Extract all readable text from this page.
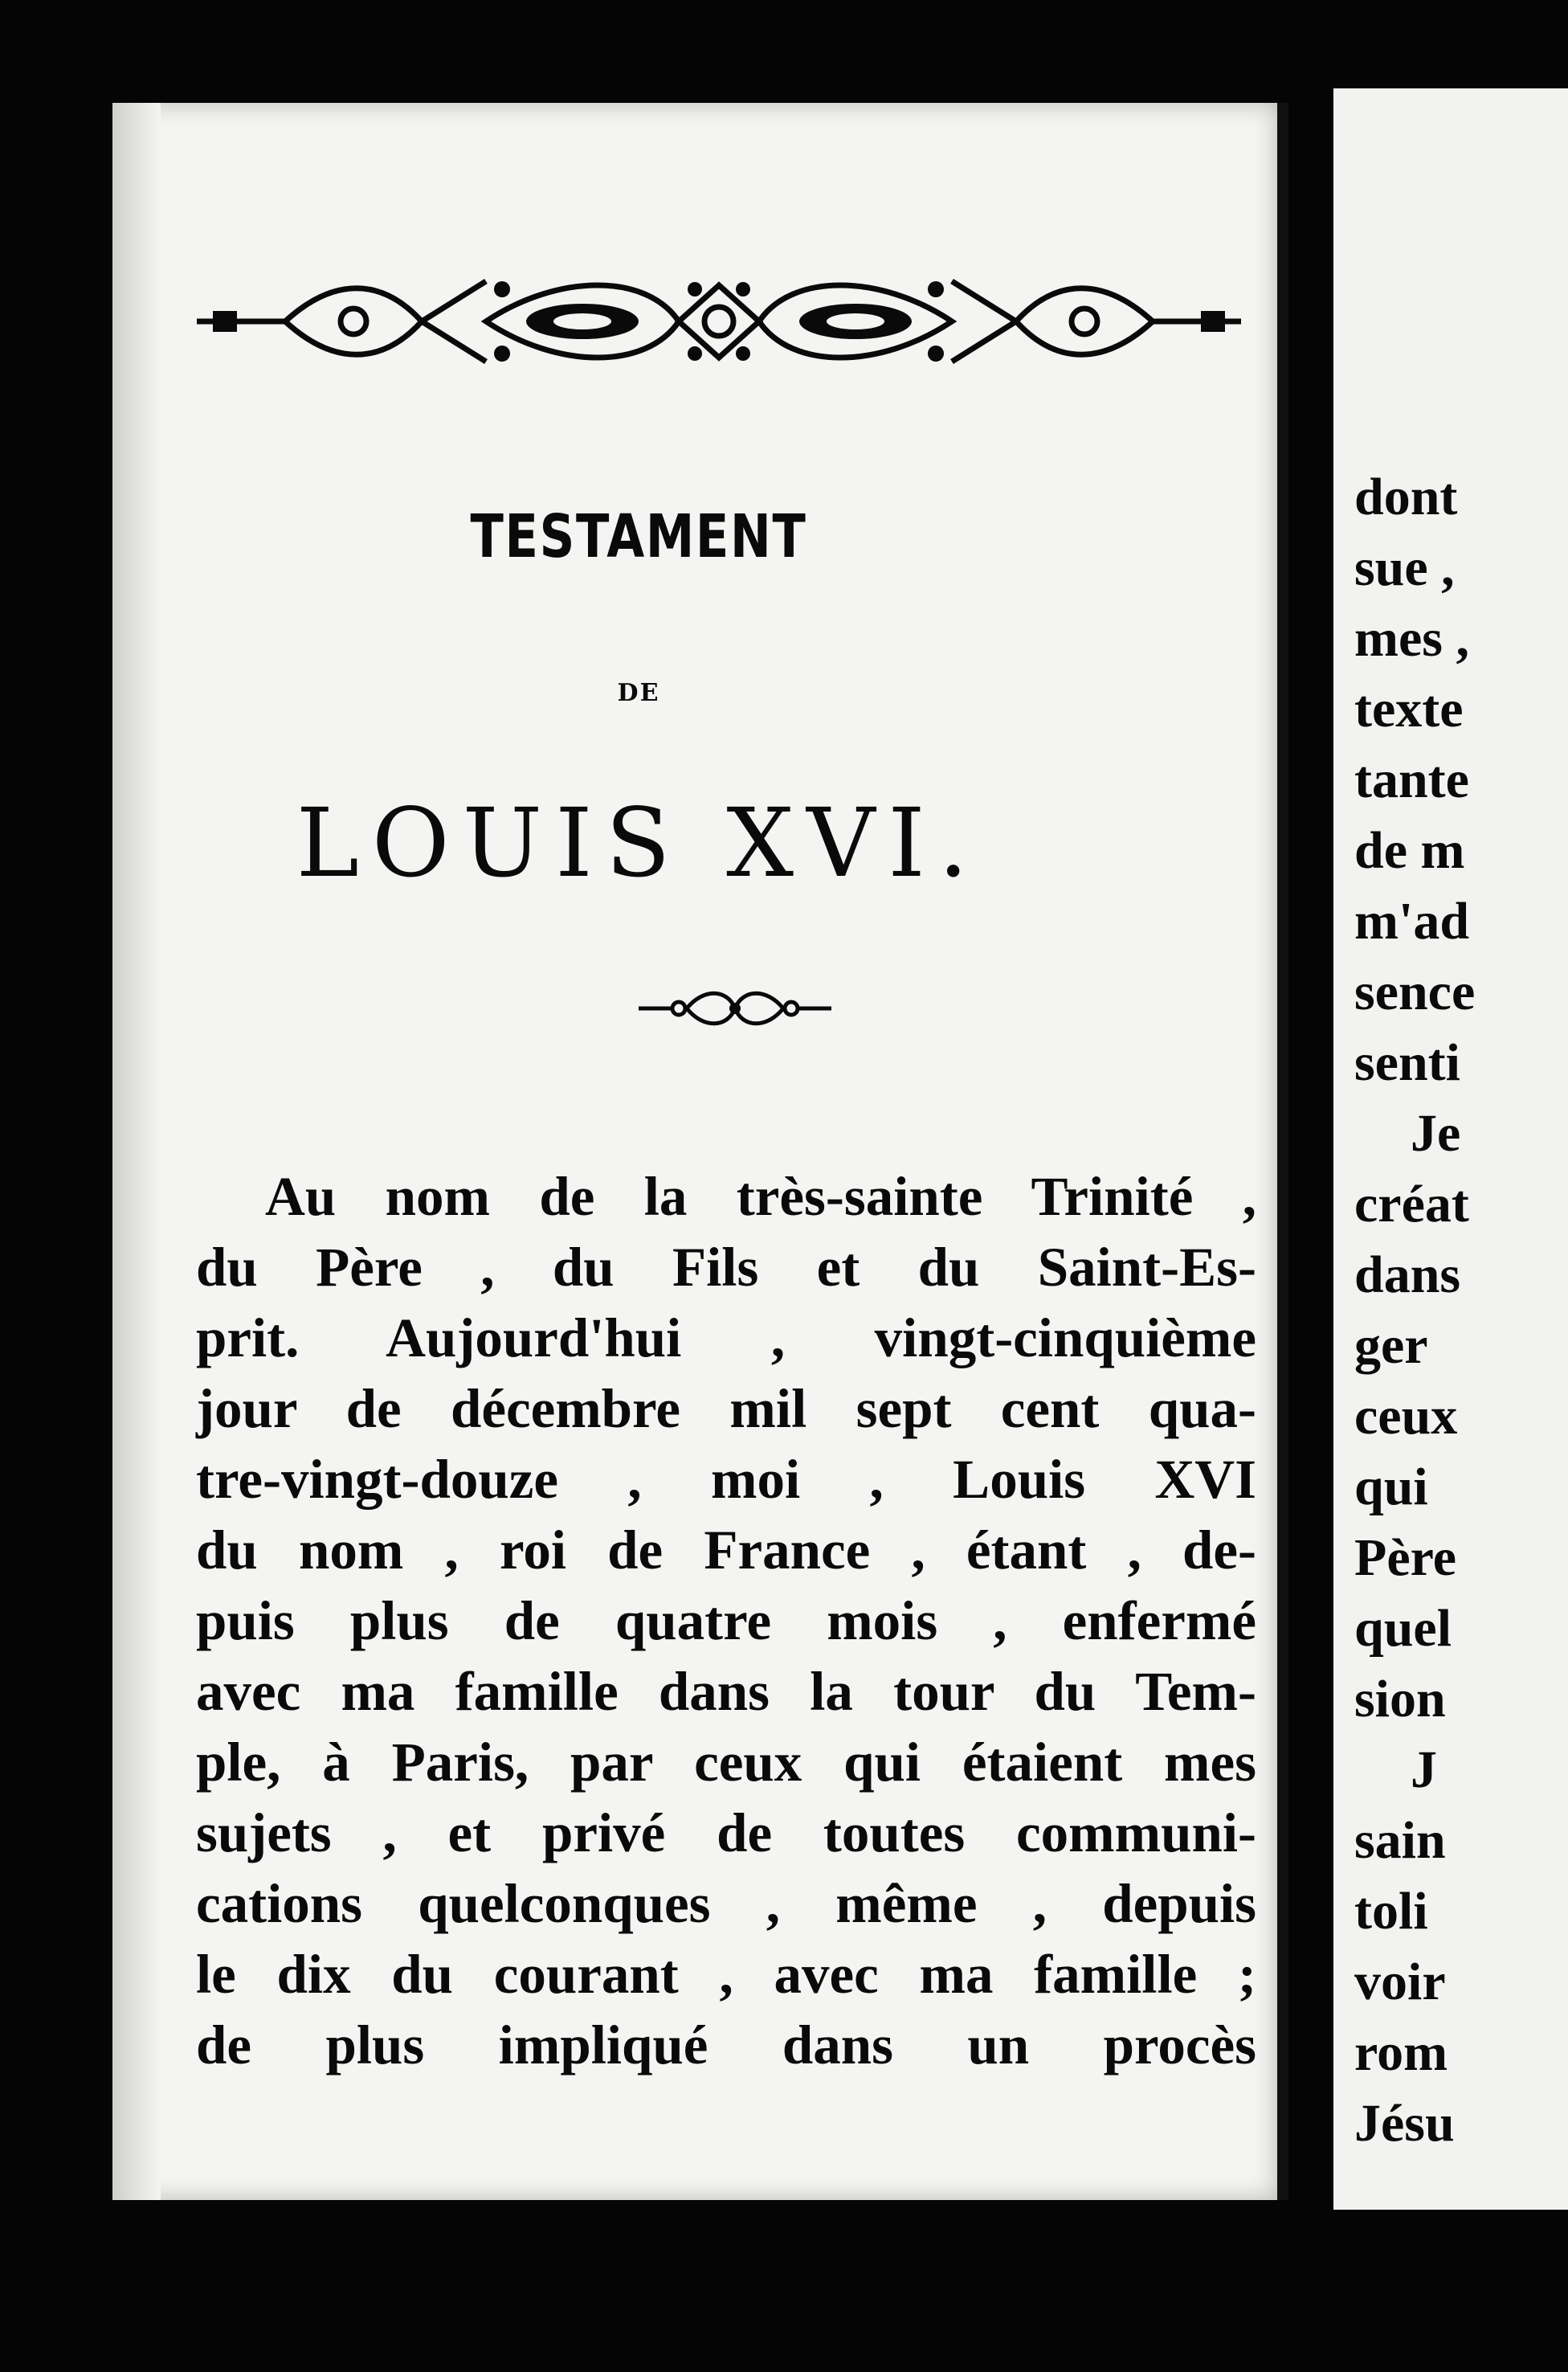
dont
sue ,
mes ,
texte
tante
de m
m'ad
sence
senti
Je
créat
dans
ger
ceux
qui
Père
quel
sion
J
sain
toli
voir
rom
Jésu
TESTAMENT
DE
LOUIS XVI.
Au nom de la très-sainte Trinité ,
du Père , du Fils et du Saint-Es-
prit. Aujourd'hui , vingt-cinquième
jour de décembre mil sept cent qua-
tre-vingt-douze , moi , Louis XVI
du nom , roi de France , étant , de-
puis plus de quatre mois , enfermé
avec ma famille dans la tour du Tem-
ple, à Paris, par ceux qui étaient mes
sujets , et privé de toutes communi-
cations quelconques , même , depuis
le dix du courant , avec ma famille ;
de plus impliqué dans un procès
